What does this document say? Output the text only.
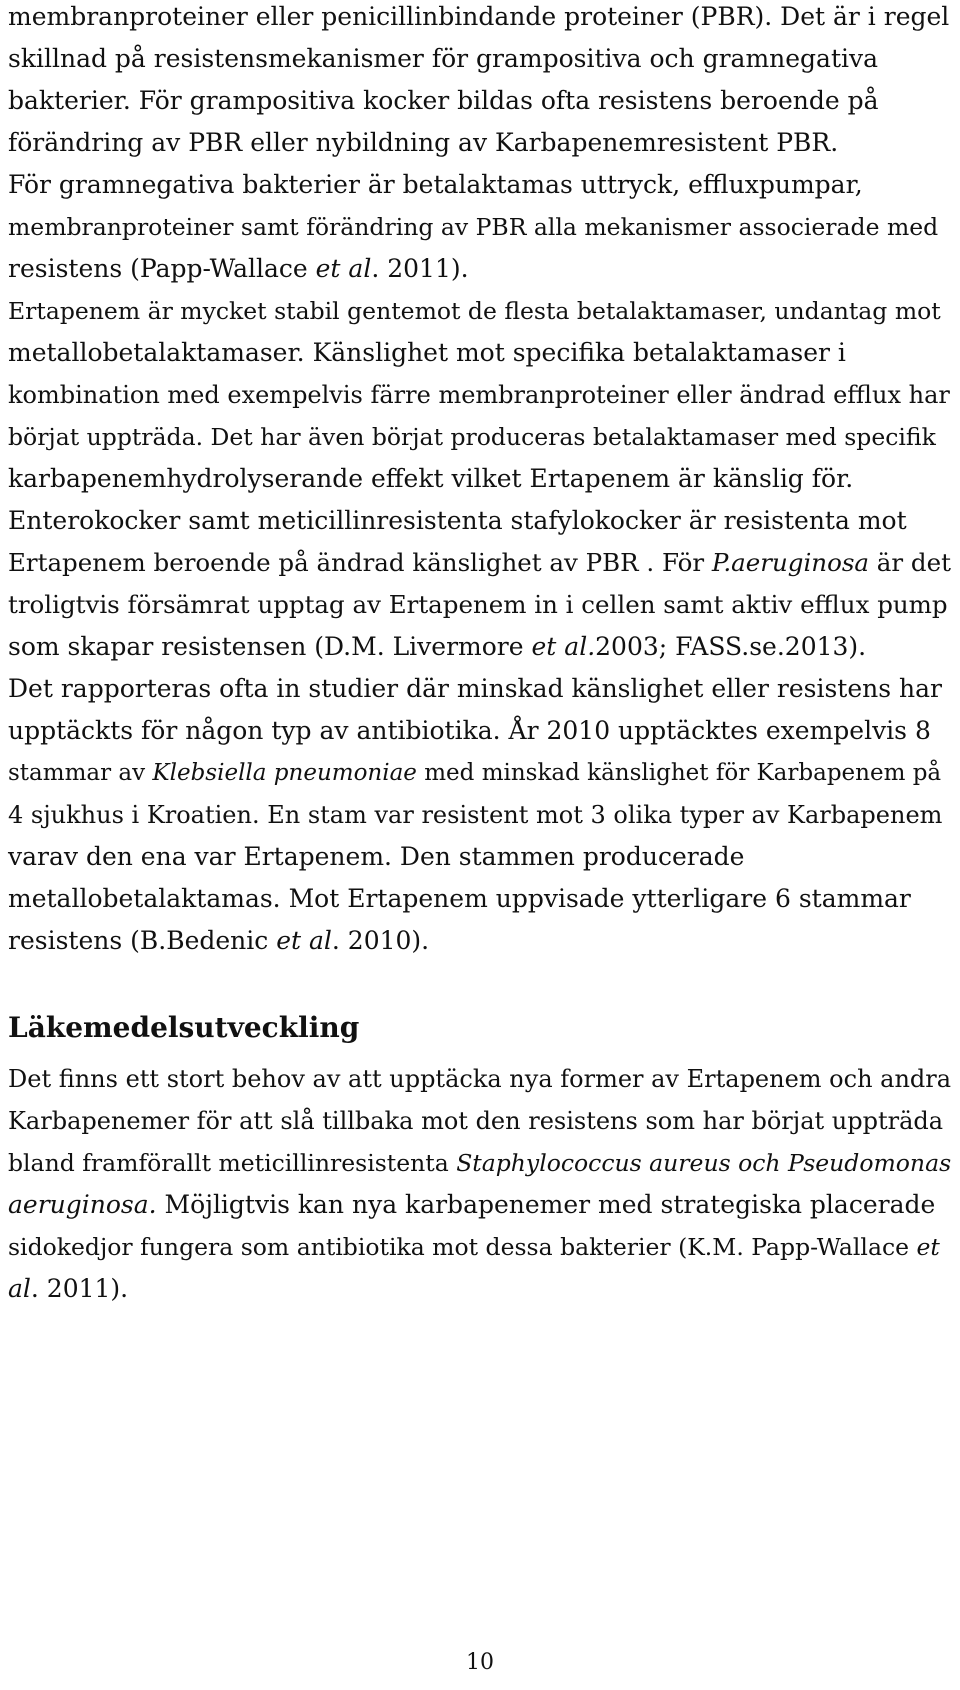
membranproteiner eller penicillinbindande proteiner (PBR). Det är i regel
skillnad på resistensmekanismer för grampositiva och gramnegativa
bakterier. För grampositiva kocker bildas ofta resistens beroende på
förändring av PBR eller nybildning av Karbapenemresistent PBR.
För gramnegativa bakterier är betalaktamas uttryck, effluxpumpar,
membranproteiner samt förändring av PBR alla mekanismer associerade med
resistens (Papp-Wallace et al. 2011).
Ertapenem är mycket stabil gentemot de flesta betalaktamaser, undantag mot
metallobetalaktamaser. Känslighet mot specifika betalaktamaser i
kombination med exempelvis färre membranproteiner eller ändrad efflux har
börjat uppträda. Det har även börjat produceras betalaktamaser med specifik
karbapenemhydrolyserande effekt vilket Ertapenem är känslig för.
Enterokocker samt meticillinresistenta stafylokocker är resistenta mot
Ertapenem beroende på ändrad känslighet av PBR . För P.aeruginosa är det
troligtvis försämrat upptag av Ertapenem in i cellen samt aktiv efflux pump
som skapar resistensen (D.M. Livermore et al.2003; FASS.se.2013).
Det rapporteras ofta in studier där minskad känslighet eller resistens har
upptäckts för någon typ av antibiotika. År 2010 upptäcktes exempelvis 8
stammar av Klebsiella pneumoniae med minskad känslighet för Karbapenem på
4 sjukhus i Kroatien. En stam var resistent mot 3 olika typer av Karbapenem
varav den ena var Ertapenem. Den stammen producerade
metallobetalaktamas. Mot Ertapenem uppvisade ytterligare 6 stammar
resistens (B.Bedenic et al. 2010).
Läkemedelsutveckling
Det finns ett stort behov av att upptäcka nya former av Ertapenem och andra
Karbapenemer för att slå tillbaka mot den resistens som har börjat uppträda
bland framförallt meticillinresistenta Staphylococcus aureus och Pseudomonas
aeruginosa. Möjligtvis kan nya karbapenemer med strategiska placerade
sidokedjor fungera som antibiotika mot dessa bakterier (K.M. Papp-Wallace et
al. 2011).
10
